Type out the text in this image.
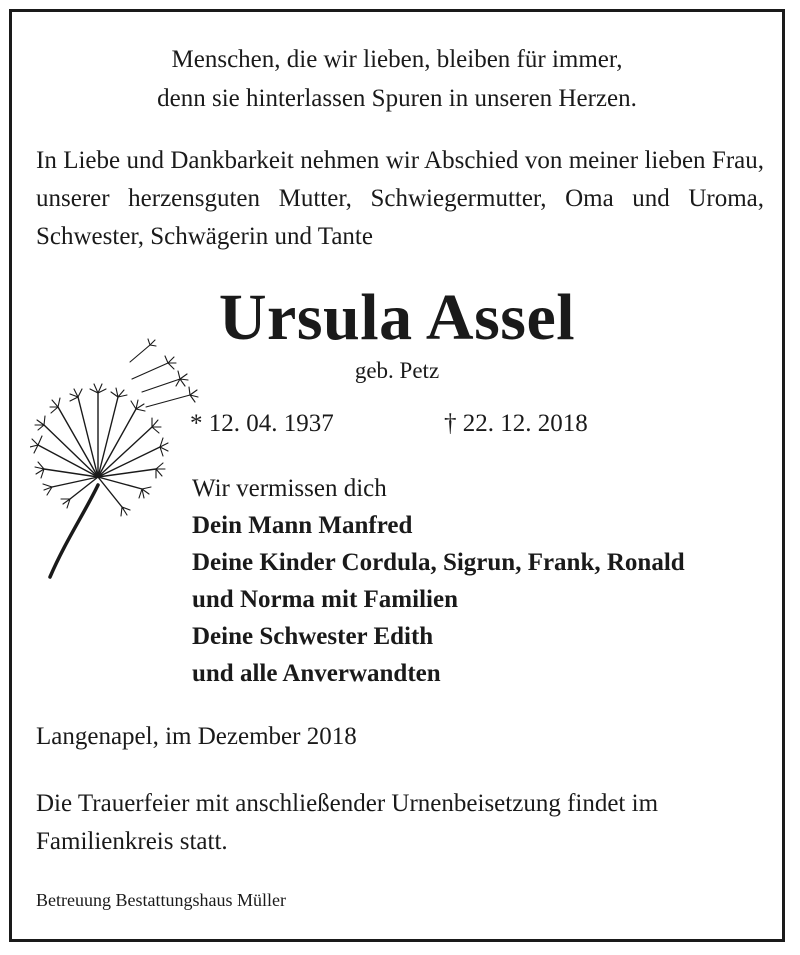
Menschen, die wir lieben, bleiben für immer,
denn sie hinterlassen Spuren in unseren Herzen.

In Liebe und Dankbarkeit nehmen wir Abschied von meiner lieben Frau, unserer herzensguten Mutter, Schwiegermutter, Oma und Uroma, Schwester, Schwägerin und Tante

Ursula Assel
geb. Petz
* 12. 04. 1937	† 22. 12. 2018
Wir vermissen dich
Dein Mann Manfred
Deine Kinder Cordula, Sigrun, Frank, Ronald
und Norma mit Familien
Deine Schwester Edith
und alle Anverwandten
Langenapel, im Dezember 2018

Die Trauerfeier mit anschließender Urnenbeisetzung findet im Familienkreis statt.

Betreuung Bestattungshaus Müller
